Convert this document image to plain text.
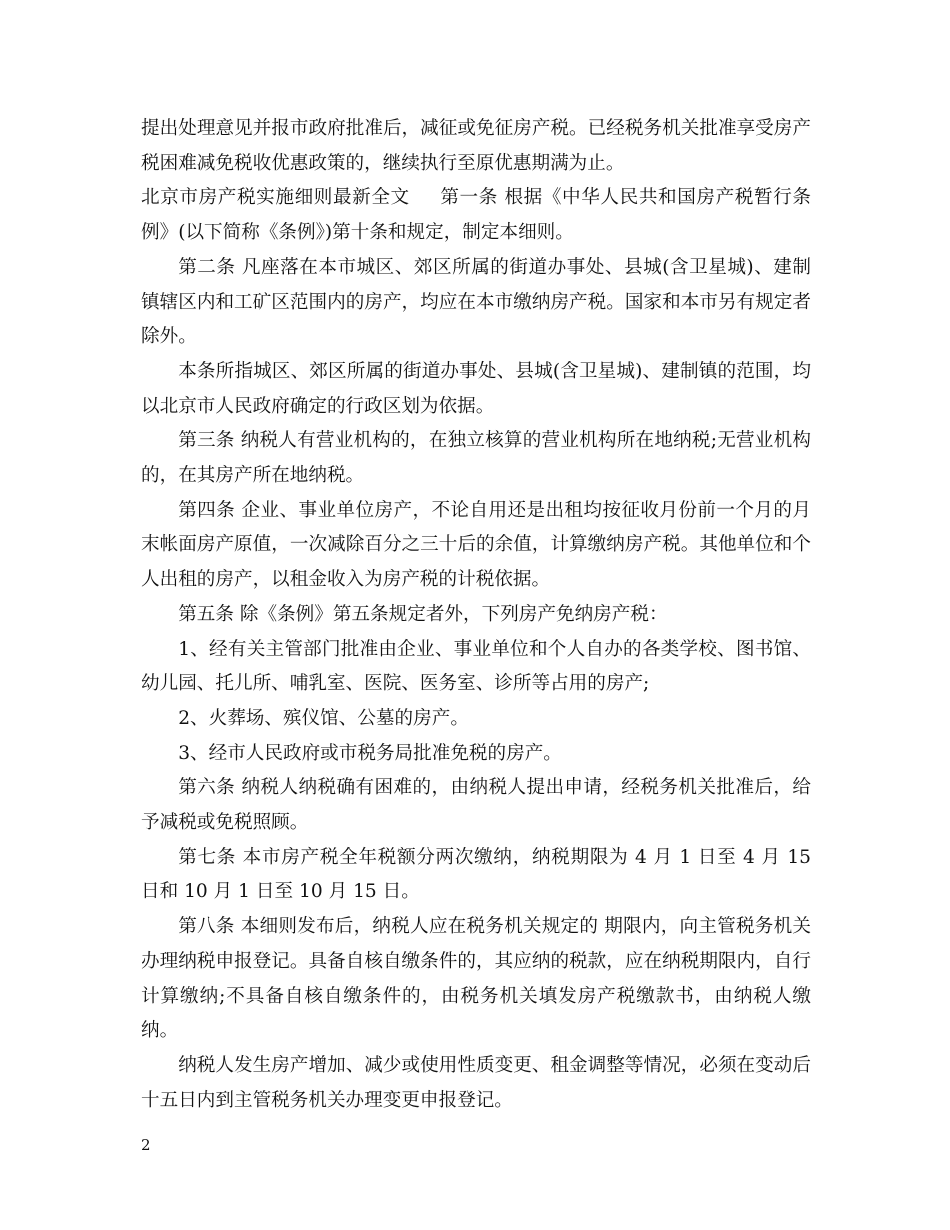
提出处理意见并报市政府批准后，减征或免征房产税。已经税务机关批准享受房产税困难减免税收优惠政策的，继续执行至原优惠期满为止。

北京市房产税实施细则最新全文 第一条 根据《中华人民共和国房产税暂行条例》(以下简称《条例》)第十条和规定，制定本细则。

第二条 凡座落在本市城区、郊区所属的街道办事处、县城(含卫星城)、建制镇辖区内和工矿区范围内的房产，均应在本市缴纳房产税。国家和本市另有规定者除外。

本条所指城区、郊区所属的街道办事处、县城(含卫星城)、建制镇的范围，均以北京市人民政府确定的行政区划为依据。

第三条 纳税人有营业机构的，在独立核算的营业机构所在地纳税;无营业机构的，在其房产所在地纳税。

第四条 企业、事业单位房产，不论自用还是出租均按征收月份前一个月的月末帐面房产原值，一次减除百分之三十后的余值，计算缴纳房产税。其他单位和个人出租的房产，以租金收入为房产税的计税依据。

第五条 除《条例》第五条规定者外，下列房产免纳房产税：

1、经有关主管部门批准由企业、事业单位和个人自办的各类学校、图书馆、幼儿园、托儿所、哺乳室、医院、医务室、诊所等占用的房产;

2、火葬场、殡仪馆、公墓的房产。

3、经市人民政府或市税务局批准免税的房产。

第六条 纳税人纳税确有困难的，由纳税人提出申请，经税务机关批准后，给予减税或免税照顾。

第七条 本市房产税全年税额分两次缴纳，纳税期限为 4 月 1 日至 4 月 15 日和 10 月 1 日至 10 月 15 日。

第八条 本细则发布后，纳税人应在税务机关规定的 期限内，向主管税务机关办理纳税申报登记。具备自核自缴条件的，其应纳的税款，应在纳税期限内，自行计算缴纳;不具备自核自缴条件的，由税务机关填发房产税缴款书，由纳税人缴纳。

纳税人发生房产增加、减少或使用性质变更、租金调整等情况，必须在变动后十五日内到主管税务机关办理变更申报登记。

2
